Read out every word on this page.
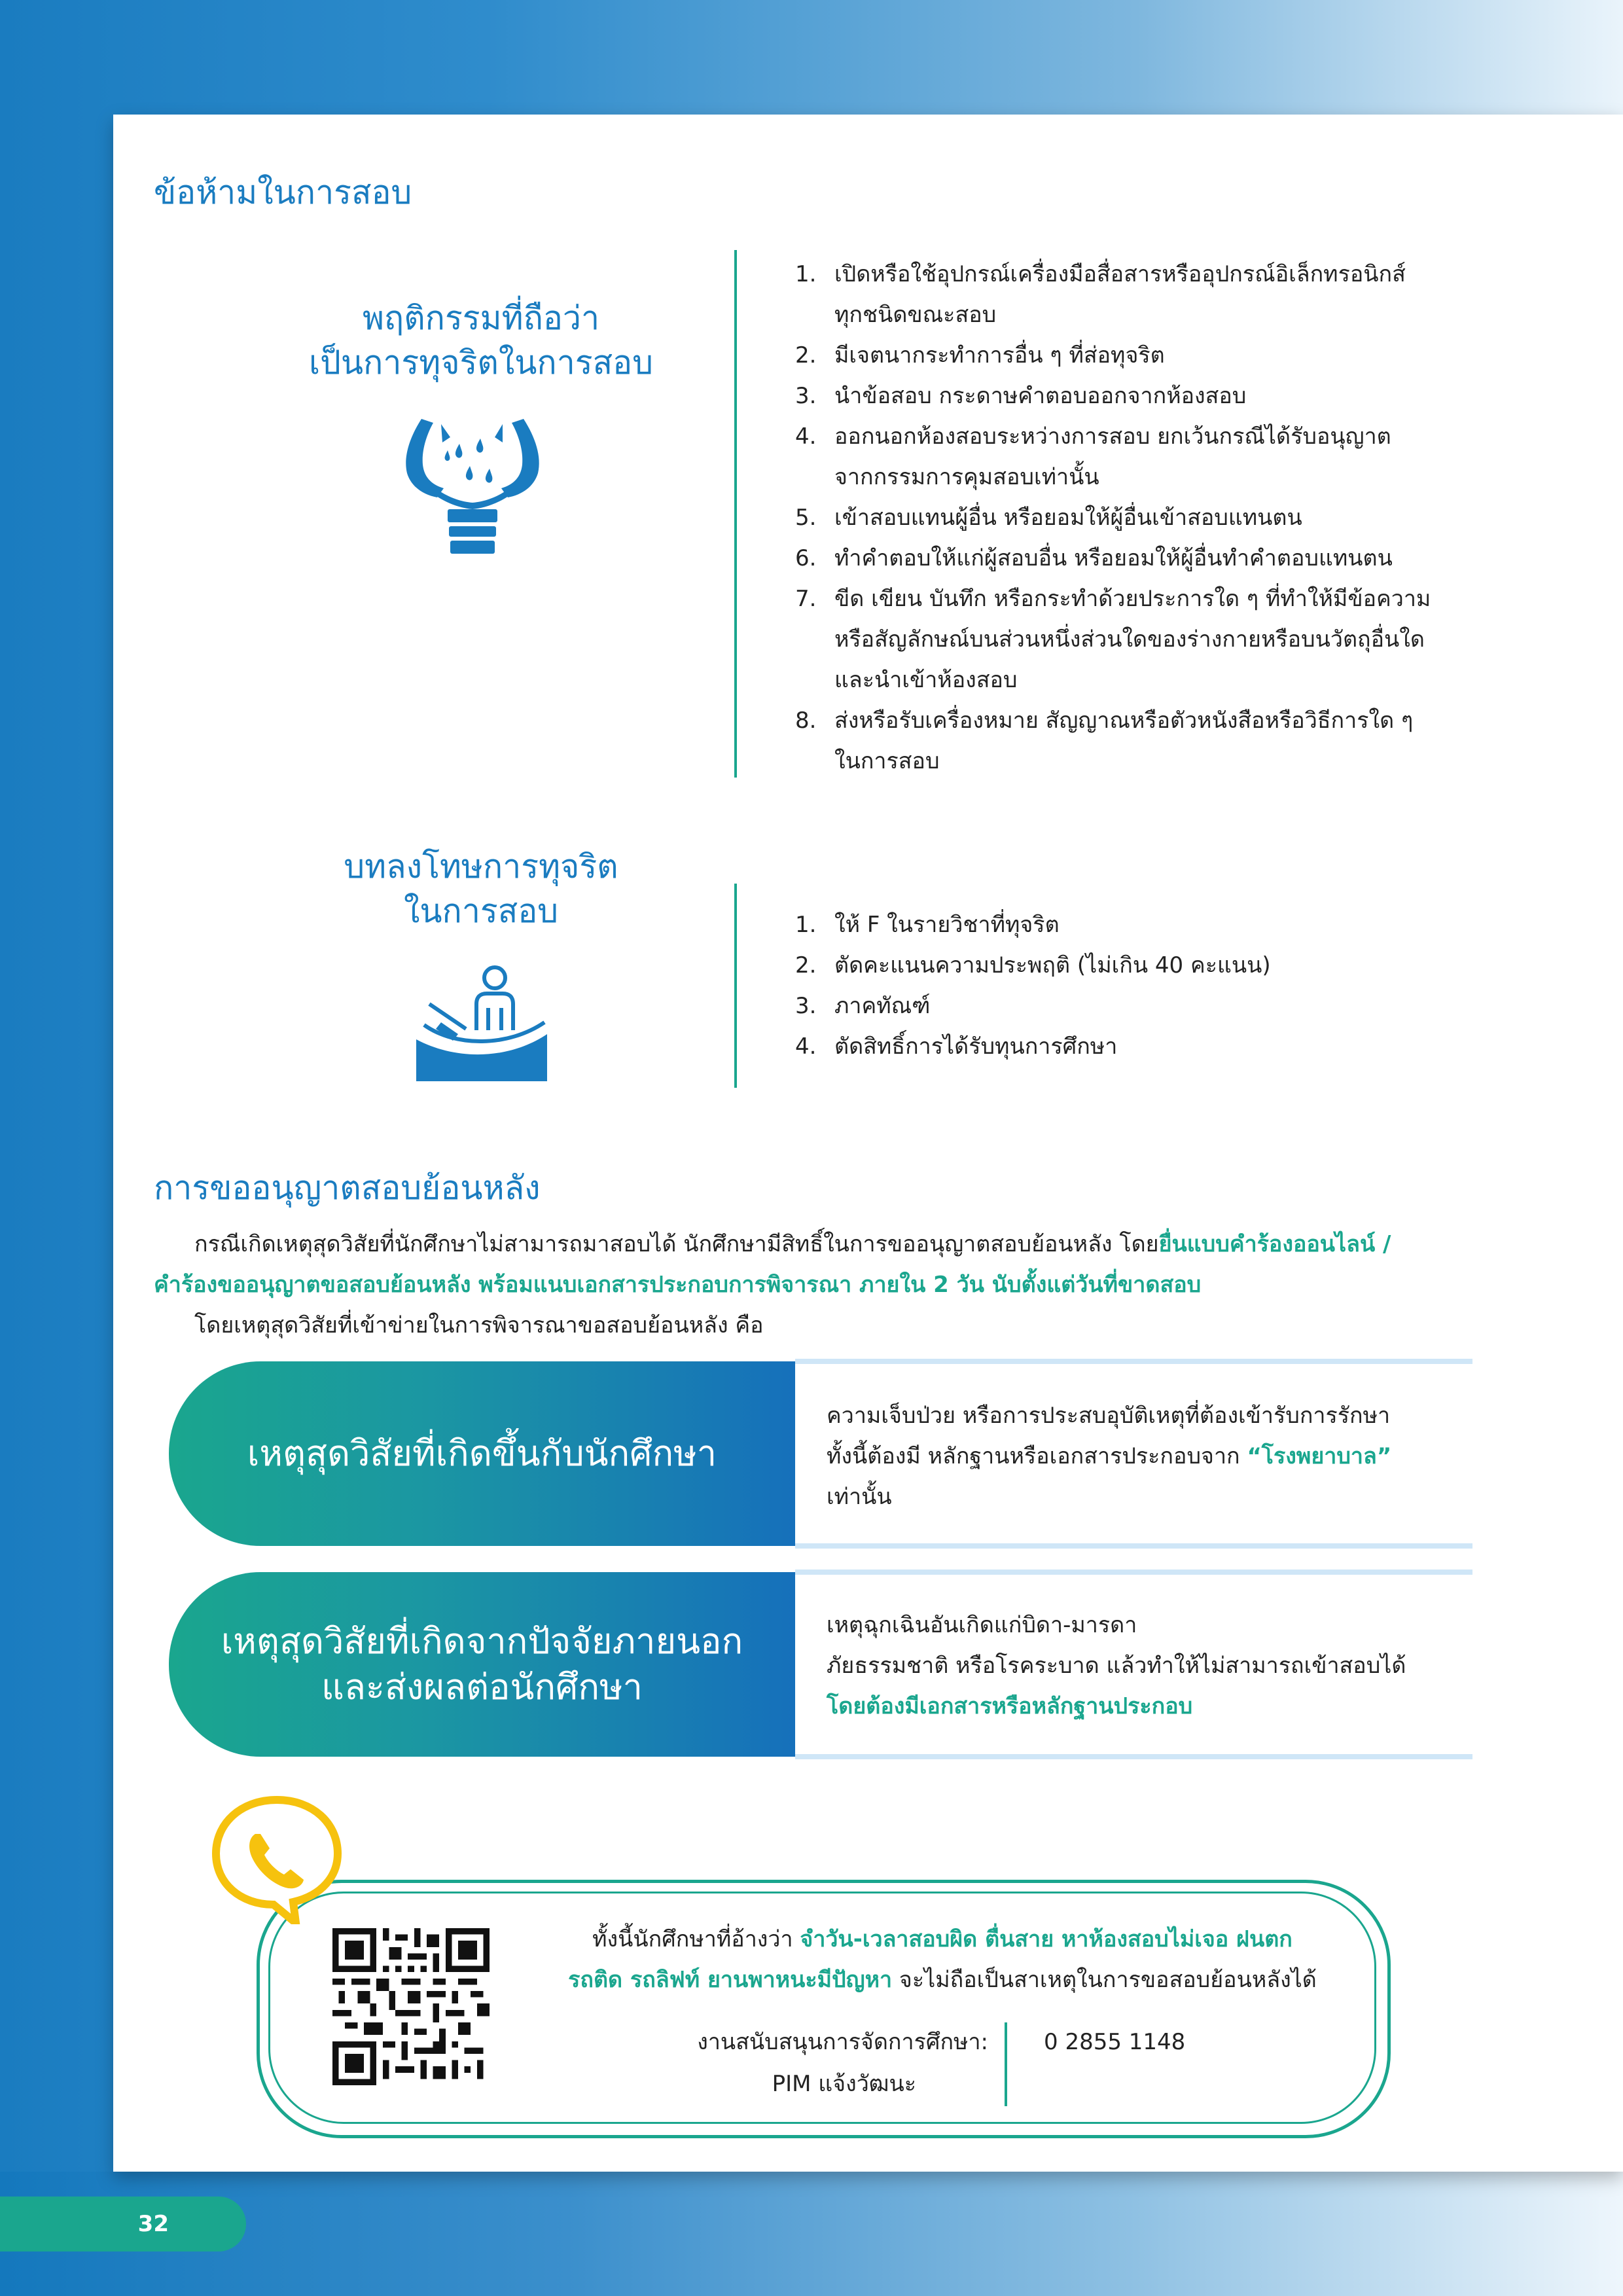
32
ข้อห้ามในการสอบ
พฤติกรรมที่ถือว่า
เป็นการทุจริตในการสอบ
1. เปิดหรือใช้อุปกรณ์เครื่องมือสื่อสารหรืออุปกรณ์อิเล็กทรอนิกส์
ทุกชนิดขณะสอบ
2. มีเจตนากระทำการอื่น ๆ ที่ส่อทุจริต
3. นำข้อสอบ กระดาษคำตอบออกจากห้องสอบ
4. ออกนอกห้องสอบระหว่างการสอบ ยกเว้นกรณีได้รับอนุญาต
จากกรรมการคุมสอบเท่านั้น
5. เข้าสอบแทนผู้อื่น หรือยอมให้ผู้อื่นเข้าสอบแทนตน
6. ทำคำตอบให้แก่ผู้สอบอื่น หรือยอมให้ผู้อื่นทำคำตอบแทนตน
7. ขีด เขียน บันทึก หรือกระทำด้วยประการใด ๆ ที่ทำให้มีข้อความ
หรือสัญลักษณ์บนส่วนหนึ่งส่วนใดของร่างกายหรือบนวัตถุอื่นใด
และนำเข้าห้องสอบ
8. ส่งหรือรับเครื่องหมาย สัญญาณหรือตัวหนังสือหรือวิธีการใด ๆ
ในการสอบ
บทลงโทษการทุจริต
ในการสอบ	1. ให้ F ในรายวิชาที่ทุจริต
2. ตัดคะแนนความประพฤติ (ไม่เกิน 40 คะแนน)
3. ภาคทัณฑ์
4. ตัดสิทธิ์การได้รับทุนการศึกษา
การขออนุญาตสอบย้อนหลัง
กรณีเกิดเหตุสุดวิสัยที่นักศึกษาไม่สามารถมาสอบได้ นักศึกษามีสิทธิ์ในการขออนุญาตสอบย้อนหลัง โดยยื่นแบบคำร้องออนไลน์ /
คำร้องขออนุญาตขอสอบย้อนหลัง พร้อมแนบเอกสารประกอบการพิจารณา ภายใน 2 วัน นับตั้งแต่วันที่ขาดสอบ
โดยเหตุสุดวิสัยที่เข้าข่ายในการพิจารณาขอสอบย้อนหลัง คือ
เหตุสุดวิสัยที่เกิดขึ้นกับนักศึกษา
ความเจ็บป่วย หรือการประสบอุบัติเหตุที่ต้องเข้ารับการรักษา
ทั้งนี้ต้องมี หลักฐานหรือเอกสารประกอบจาก “โรงพยาบาล”
เท่านั้น
เหตุสุดวิสัยที่เกิดจากปัจจัยภายนอก
และส่งผลต่อนักศึกษา
เหตุฉุกเฉินอันเกิดแก่บิดา-มารดา
ภัยธรรมชาติ หรือโรคระบาด แล้วทำให้ไม่สามารถเข้าสอบได้
โดยต้องมีเอกสารหรือหลักฐานประกอบ
ทั้งนี้นักศึกษาที่อ้างว่า จำวัน-เวลาสอบผิด ตื่นสาย หาห้องสอบไม่เจอ ฝนตก
รถติด รถลิฟท์ ยานพาหนะมีปัญหา จะไม่ถือเป็นสาเหตุในการขอสอบย้อนหลังได้
งานสนับสนุนการจัดการศึกษา:
PIM แจ้งวัฒนะ
0 2855 1148
